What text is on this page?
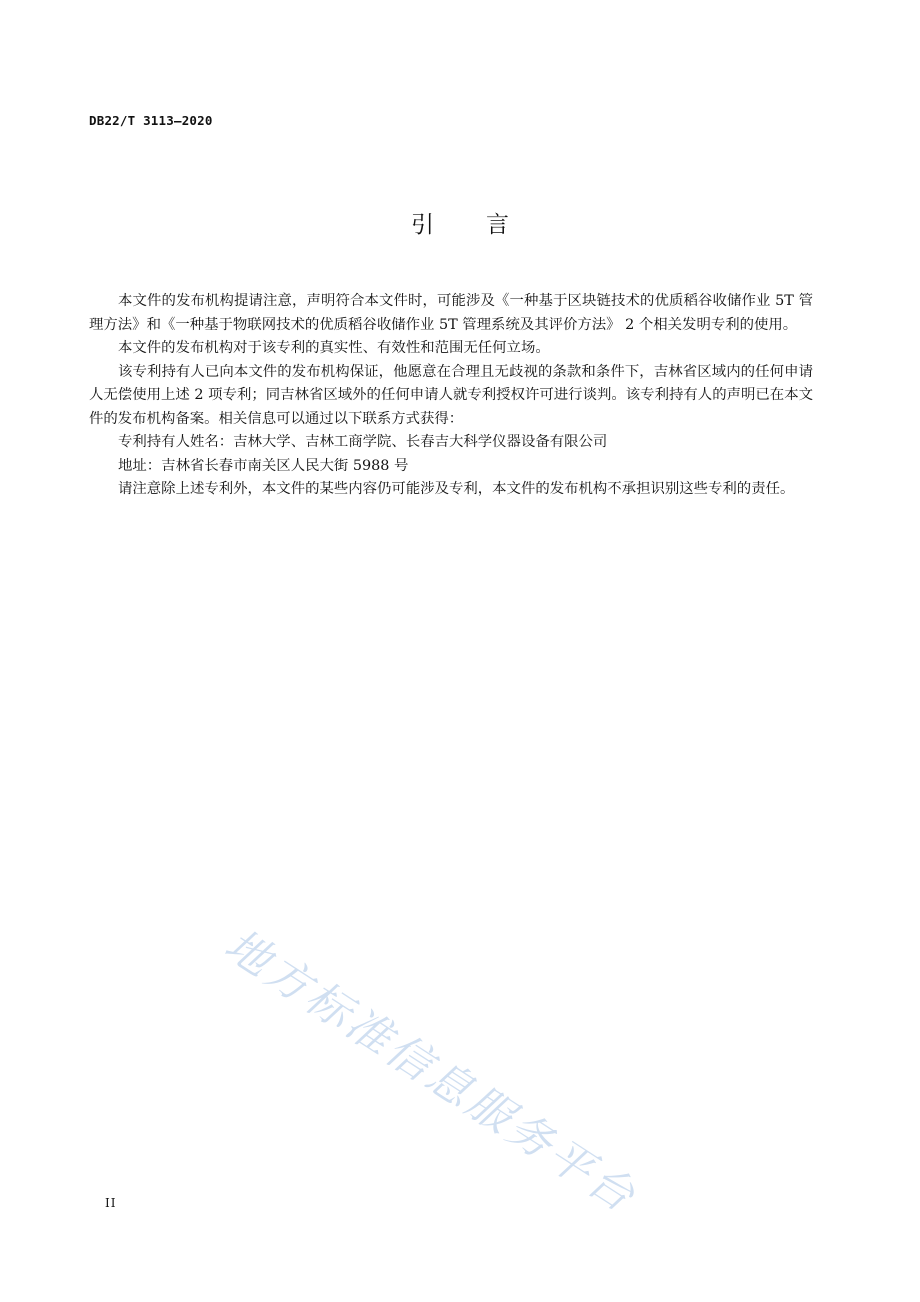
DB22/T 3113—2020
引 言

本文件的发布机构提请注意，声明符合本文件时，可能涉及《一种基于区块链技术的优质稻谷收储作业 5T 管理方法》和《一种基于物联网技术的优质稻谷收储作业 5T 管理系统及其评价方法》 2 个相关发明专利的使用。

本文件的发布机构对于该专利的真实性、有效性和范围无任何立场。

该专利持有人已向本文件的发布机构保证，他愿意在合理且无歧视的条款和条件下，吉林省区域内的任何申请人无偿使用上述 2 项专利；同吉林省区域外的任何申请人就专利授权许可进行谈判。该专利持有人的声明已在本文件的发布机构备案。相关信息可以通过以下联系方式获得：

专利持有人姓名：吉林大学、吉林工商学院、长春吉大科学仪器设备有限公司

地址：吉林省长春市南关区人民大街 5988 号

请注意除上述专利外，本文件的某些内容仍可能涉及专利，本文件的发布机构不承担识别这些专利的责任。

地方标准信息服务平台
II
